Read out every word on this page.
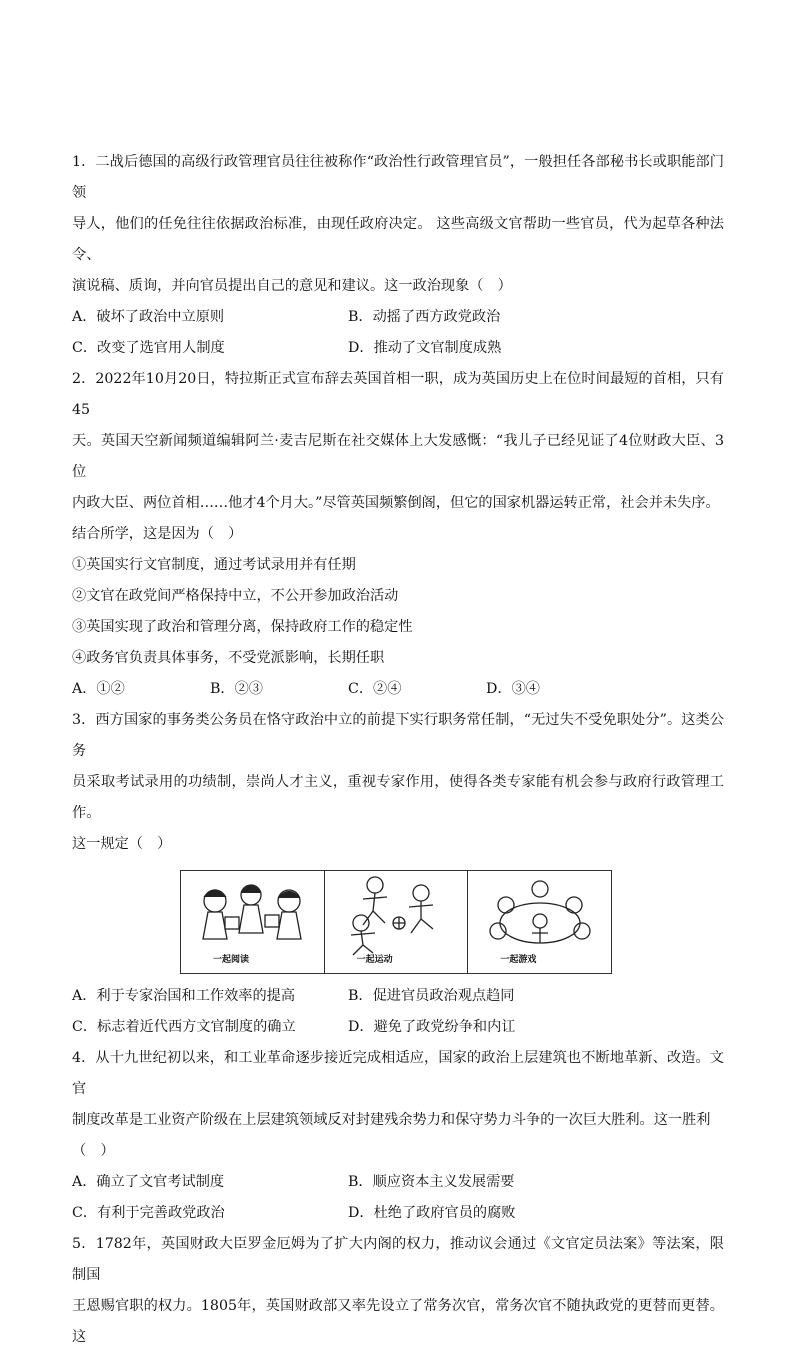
1．二战后德国的高级行政管理官员往往被称作“政治性行政管理官员”，一般担任各部秘书长或职能部门领

导人，他们的任免往往依据政治标准，由现任政府决定。 这些高级文官帮助一些官员，代为起草各种法令、

演说稿、质询，并向官员提出自己的意见和建议。这一政治现象（　）

A．破坏了政治中立原则	B．动摇了西方政党政治
C．改变了选官用人制度	D．推动了文官制度成熟

2．2022年10月20日，特拉斯正式宣布辞去英国首相一职，成为英国历史上在位时间最短的首相，只有45

天。英国天空新闻频道编辑阿兰·麦吉尼斯在社交媒体上大发感慨：“我儿子已经见证了4位财政大臣、3位

内政大臣、两位首相……他才4个月大。”尽管英国频繁倒阁，但它的国家机器运转正常，社会并未失序。

结合所学，这是因为（　）

①英国实行文官制度，通过考试录用并有任期

②文官在政党间严格保持中立，不公开参加政治活动

③英国实现了政治和管理分离，保持政府工作的稳定性

④政务官负责具体事务，不受党派影响，长期任职

A．①②	B．②③	C．②④	D．③④

3．西方国家的事务类公务员在恪守政治中立的前提下实行职务常任制，“无过失不受免职处分”。这类公务

员采取考试录用的功绩制，崇尚人才主义，重视专家作用，使得各类专家能有机会参与政府行政管理工作。

这一规定（　）

一起阅读	一起运动	一起游戏
A．利于专家治国和工作效率的提高	B．促进官员政治观点趋同
C．标志着近代西方文官制度的确立	D．避免了政党纷争和内讧

4．从十九世纪初以来，和工业革命逐步接近完成相适应，国家的政治上层建筑也不断地革新、改造。文官

制度改革是工业资产阶级在上层建筑领域反对封建残余势力和保守势力斗争的一次巨大胜利。这一胜利

（　）

A．确立了文官考试制度	B．顺应资本主义发展需要
C．有利于完善政党政治	D．杜绝了政府官员的腐败

5．1782年，英国财政大臣罗金厄姆为了扩大内阁的权力，推动议会通过《文官定员法案》等法案，限制国

王恩赐官职的权力。1805年，英国财政部又率先设立了常务次官，常务次官不随执政党的更替而更替。这
